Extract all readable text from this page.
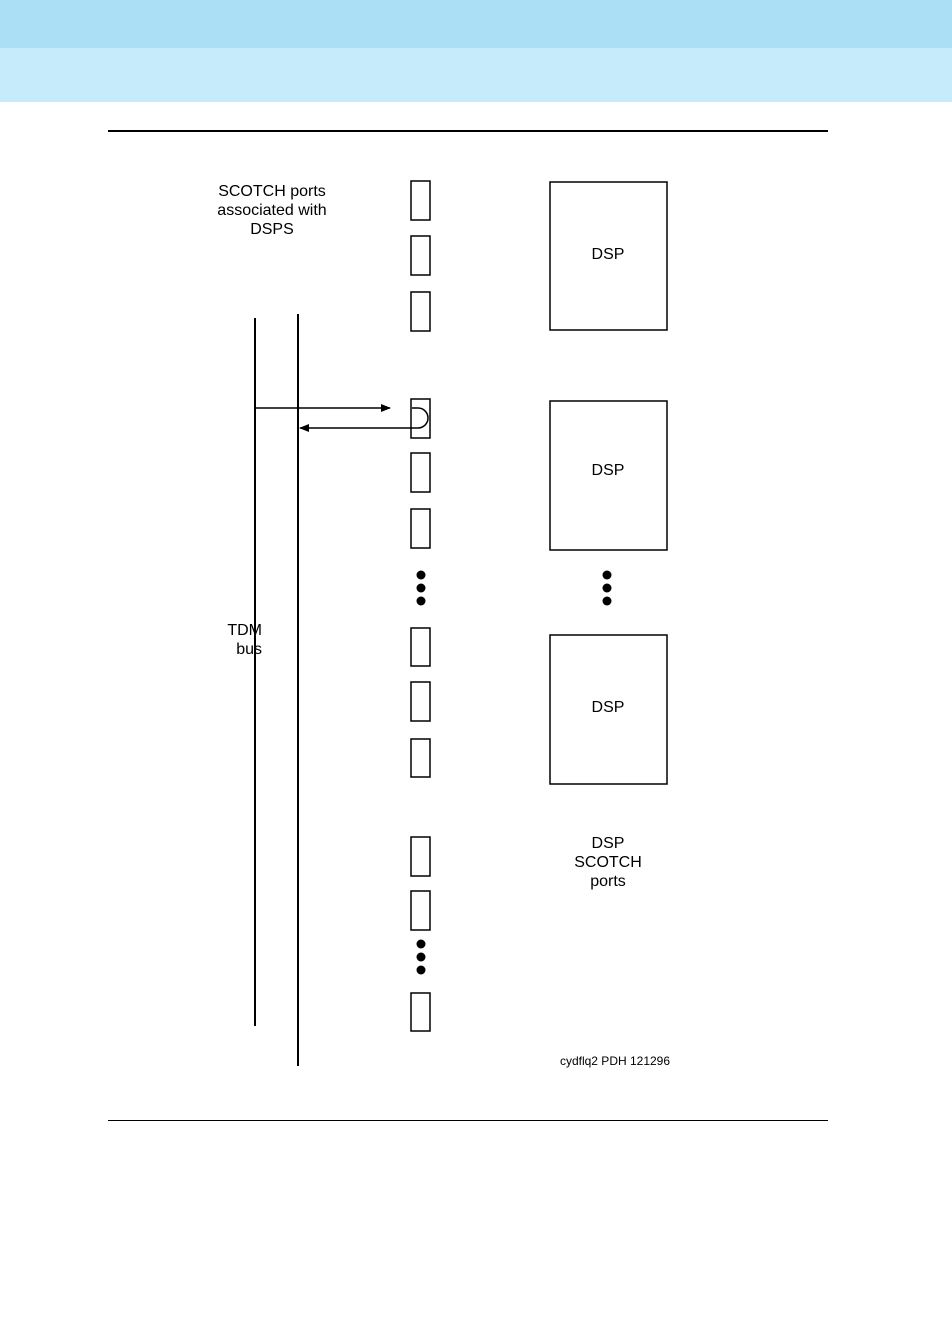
DSP
DSP
DSP
SCOTCH ports
associated with
DSPS
TDM
bus
DSP
SCOTCH
ports
cydflq2 PDH 121296
